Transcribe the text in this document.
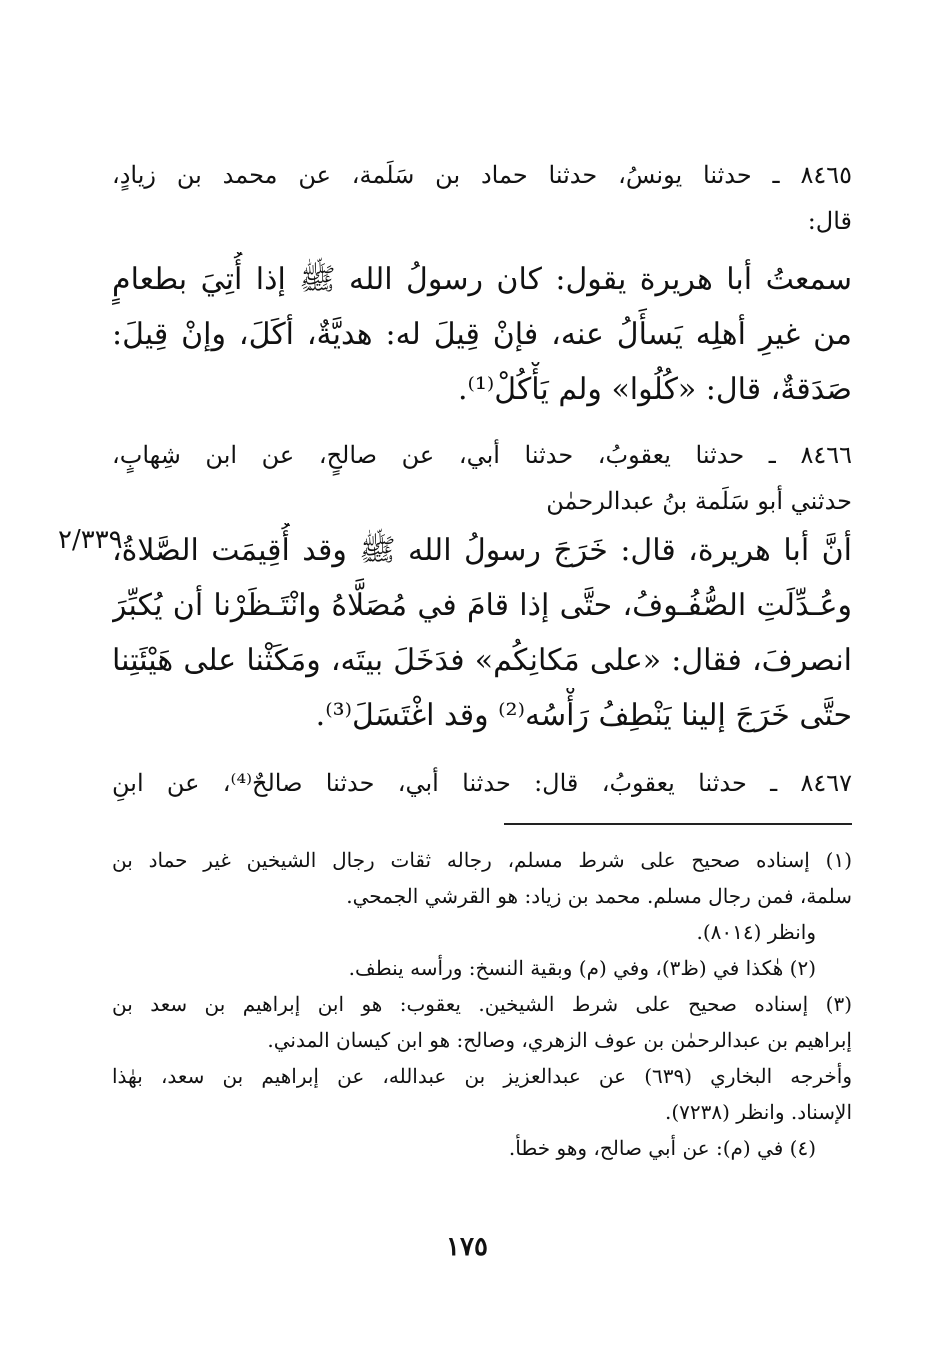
٨٤٦٥ ـ حدثنا يونسُ، حدثنا حماد بن سَلَمة، عن محمد بن زيادٍ،
قال:
سمعتُ أبا هريرة يقول: كان رسولُ الله ﷺ إذا أُتِيَ بطعامٍ
من غيرِ أهلِه يَسأَلُ عنه، فإنْ قِيلَ له: هديَّةٌ، أكَلَ، وإنْ قِيلَ:
صَدَقةٌ، قال: «كُلُوا» ولم يَأْكُلْ⁽¹⁾.
٨٤٦٦ ـ حدثنا يعقوبُ، حدثنا أبي، عن صالحٍ، عن ابن شِهابٍ،
حدثني أبو سَلَمة بنُ عبدالرحمٰن
أنَّ أبا هريرة، قال: خَرَجَ رسولُ الله ﷺ وقد أُقِيمَت الصَّلاةُ،
وعُـدِّلَتِ الصُّفُـوفُ، حتَّى إذا قامَ في مُصَلَّاهُ وانْتَـظَرْنا أن يُكبِّرَ
انصرفَ، فقال: «على مَكانِكُم» فدَخَلَ بيتَه، ومَكَثْنا على هَيْئَتِنا
حتَّى خَرَجَ إلينا يَنْطِفُ رَأْسُه⁽²⁾ وقد اغْتَسَلَ⁽³⁾.
٢/٣٣٩
٨٤٦٧ ـ حدثنا يعقوبُ، قال: حدثنا أبي، حدثنا صالحٌ⁽⁴⁾، عن ابنِ
(١) إسناده صحيح على شرط مسلم، رجاله ثقات رجال الشيخين غير حماد بن
سلمة، فمن رجال مسلم. محمد بن زياد: هو القرشي الجمحي.
وانظر (٨٠١٤).
(٢) هٰكذا في (ظ٣)، وفي (م) وبقية النسخ: ورأسه ينطف.
(٣) إسناده صحيح على شرط الشيخين. يعقوب: هو ابن إبراهيم بن سعد بن
إبراهيم بن عبدالرحمٰن بن عوف الزهري، وصالح: هو ابن كيسان المدني.
وأخرجه البخاري (٦٣٩) عن عبدالعزيز بن عبدالله، عن إبراهيم بن سعد، بهٰذا
الإسناد. وانظر (٧٢٣٨).
(٤) في (م): عن أبي صالح، وهو خطأ.
١٧٥
